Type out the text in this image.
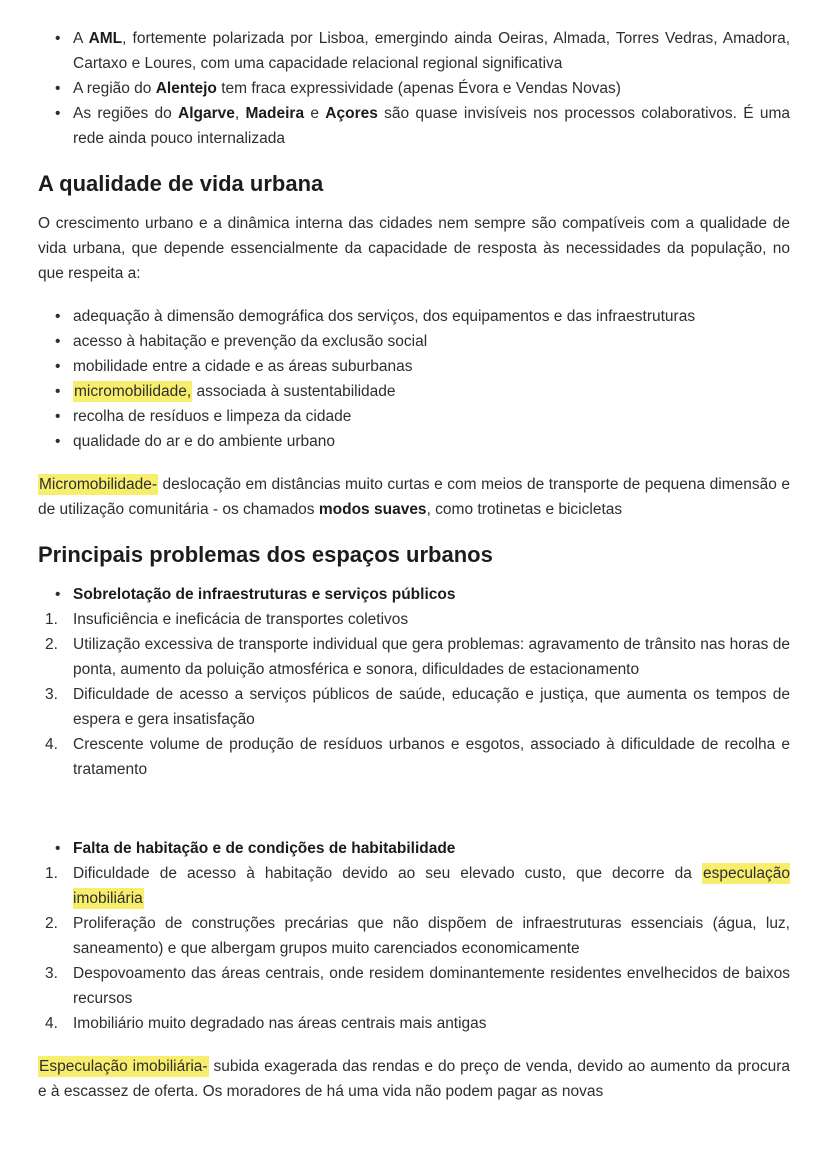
• A AML, fortemente polarizada por Lisboa, emergindo ainda Oeiras, Almada, Torres Vedras, Amadora, Cartaxo e Loures, com uma capacidade relacional regional significativa
• A região do Alentejo tem fraca expressividade (apenas Évora e Vendas Novas)
• As regiões do Algarve, Madeira e Açores são quase invisíveis nos processos colaborativos. É uma rede ainda pouco internalizada
A qualidade de vida urbana

O crescimento urbano e a dinâmica interna das cidades nem sempre são compatíveis com a qualidade de vida urbana, que depende essencialmente da capacidade de resposta às necessidades da população, no que respeita a:

• adequação à dimensão demográfica dos serviços, dos equipamentos e das infraestruturas
• acesso à habitação e prevenção da exclusão social
• mobilidade entre a cidade e as áreas suburbanas
• micromobilidade, associada à sustentabilidade
• recolha de resíduos e limpeza da cidade
• qualidade do ar e do ambiente urbano

Micromobilidade- deslocação em distâncias muito curtas e com meios de transporte de pequena dimensão e de utilização comunitária - os chamados modos suaves, como trotinetas e bicicletas

Principais problemas dos espaços urbanos
• Sobrelotação de infraestruturas e serviços públicos
1. Insuficiência e ineficácia de transportes coletivos
2. Utilização excessiva de transporte individual que gera problemas: agravamento de trânsito nas horas de ponta, aumento da poluição atmosférica e sonora, dificuldades de estacionamento
3. Dificuldade de acesso a serviços públicos de saúde, educação e justiça, que aumenta os tempos de espera e gera insatisfação
4. Crescente volume de produção de resíduos urbanos e esgotos, associado à dificuldade de recolha e tratamento
• Falta de habitação e de condições de habitabilidade
1. Dificuldade de acesso à habitação devido ao seu elevado custo, que decorre da especulação imobiliária
2. Proliferação de construções precárias que não dispõem de infraestruturas essenciais (água, luz, saneamento) e que albergam grupos muito carenciados economicamente
3. Despovoamento das áreas centrais, onde residem dominantemente residentes envelhecidos de baixos recursos
4. Imobiliário muito degradado nas áreas centrais mais antigas

Especulação imobiliária- subida exagerada das rendas e do preço de venda, devido ao aumento da procura e à escassez de oferta. Os moradores de há uma vida não podem pagar as novas
